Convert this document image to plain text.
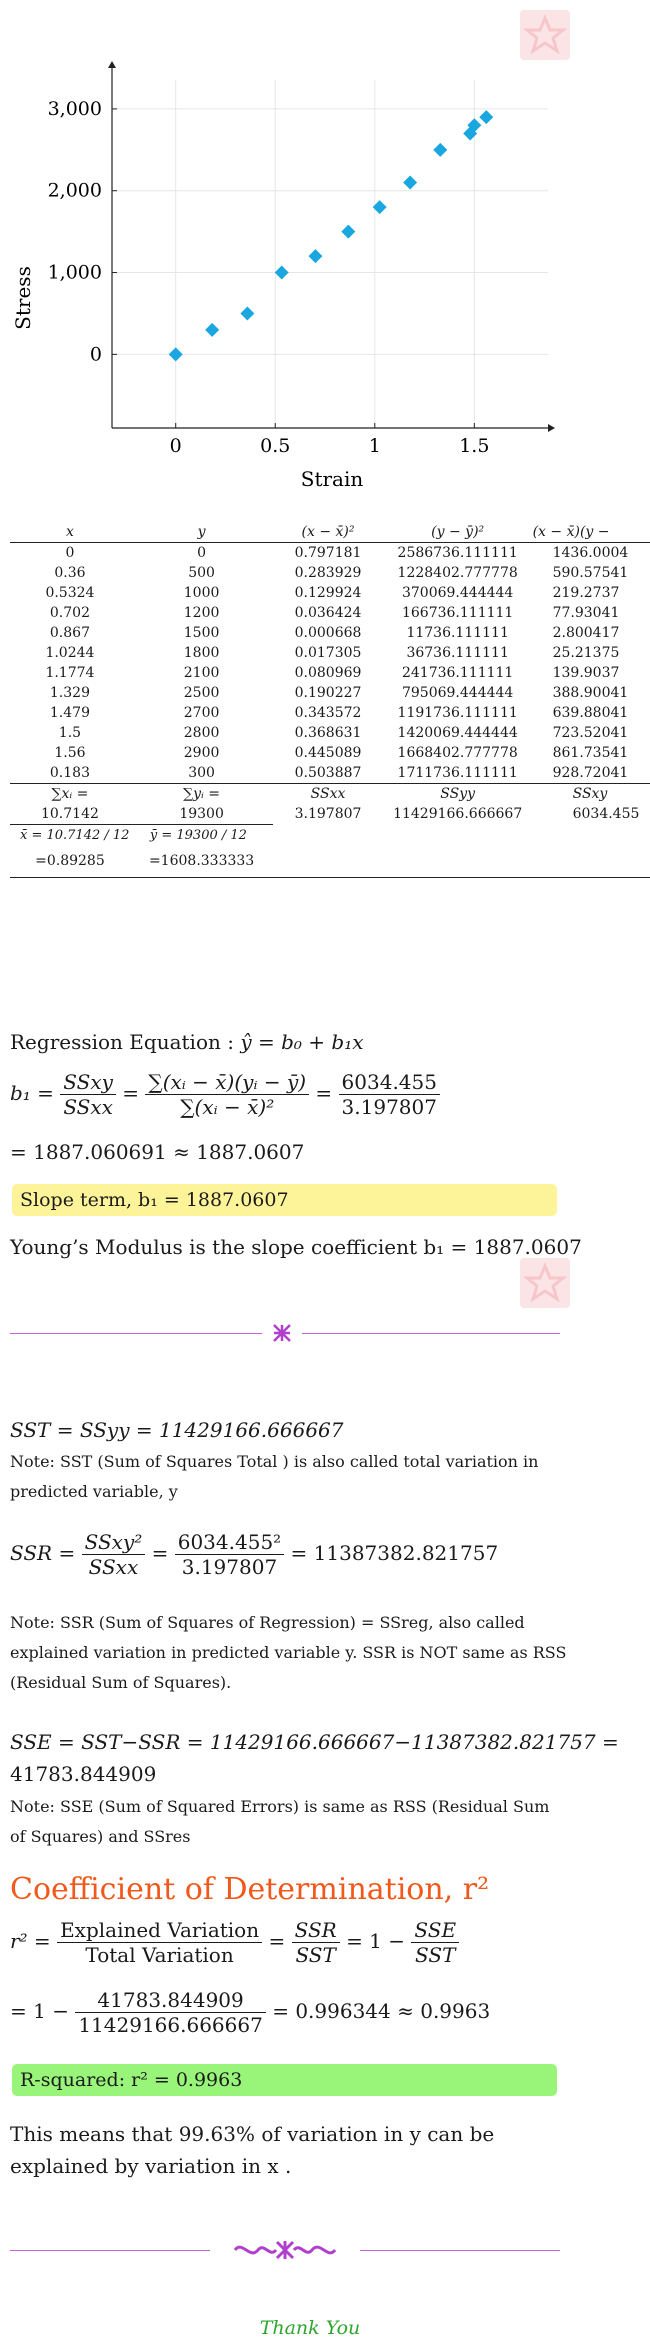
0	0.5	1	1.5
0
1,000
2,000
3,000
Strain
Stress
x	y	(x − x̄)²	(y − ȳ)²	(x − x̄)(y −
0	0	0.797181	2586736.111111	1436.0004
0.36	500	0.283929	1228402.777778	590.57541
0.5324	1000	0.129924	370069.444444	219.2737
0.702	1200	0.036424	166736.111111	77.93041
0.867	1500	0.000668	11736.111111	2.800417
1.0244	1800	0.017305	36736.111111	25.21375
1.1774	2100	0.080969	241736.111111	139.9037
1.329	2500	0.190227	795069.444444	388.90041
1.479	2700	0.343572	1191736.111111	639.88041
1.5	2800	0.368631	1420069.444444	723.52041
1.56	2900	0.445089	1668402.777778	861.73541
0.183	300	0.503887	1711736.111111	928.72041
∑xᵢ =	∑yᵢ =	SSxx	SSyy	SSxy
10.7142	19300	3.197807	11429166.666667	6034.455
x̄ = 10.7142 / 12	ȳ = 19300 / 12			
=0.89285	=1608.333333			
Regression Equation : ŷ = b₀ + b₁x
$b_1 = \frac{\text{SSxy}}{\text{SSxx}} = \frac{\text{∑(xᵢ − x̄)(yᵢ − ȳ)}}{\text{∑(xᵢ − x̄)²}} = \frac{6034.455}{3.197807}$
= 1887.060691 ≈ 1887.0607
Slope term, b₁ = 1887.0607
Young’s Modulus is the slope coefficient b₁ = 1887.0607
SST = SSyy = 11429166.666667
Note: SST (Sum of Squares Total ) is also called total variation in predicted variable, y
SSR = $\frac{\text{SSxy²}}{\text{SSxx}} = \frac{\text{6034.455²}}{3.197807} = 11387382.821757$
Note: SSR (Sum of Squares of Regression) = SSreg, also called explained variation in predicted variable y. SSR is NOT same as RSS (Residual Sum of Squares).
SSE = SST−SSR = 11429166.666667−11387382.821757 =
41783.844909
Note: SSE (Sum of Squared Errors) is same as RSS (Residual Sum of Squares) and SSres
Coefficient of Determination, r²
$r^2 = \frac{\text{Explained Variation}}{\text{Total Variation}} = \frac{\text{SSR}}{\text{SST}} = 1 - \frac{\text{SSE}}{\text{SST}}$
= $1 - \frac{41783.844909}{11429166.666667} = 0.996344 \approx 0.9963$
R-squared: r² = 0.9963
This means that 99.63% of variation in y can be explained by variation in x .
Thank You
